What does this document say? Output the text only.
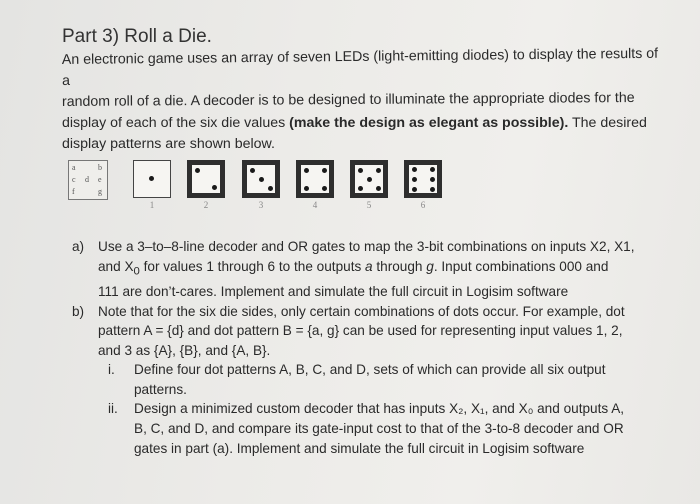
Part 3) Roll a Die.
An electronic game uses an array of seven LEDs (light-emitting diodes) to display the results of a
random roll of a die. A decoder is to be designed to illuminate the appropriate diodes for the
display of each of the six die values (make the design as elegant as possible). The desired
display patterns are shown below.
a	b
c d e
f	g
1	2	3	4	5	6
a) Use a 3–to–8-line decoder and OR gates to map the 3-bit combinations on inputs X2, X1,
and $X_0$ for values 1 through 6 to the outputs a through g. Input combinations 000 and
111 are don’t-cares. Implement and simulate the full circuit in Logisim software
b) Note that for the six die sides, only certain combinations of dots occur. For example, dot
pattern A = {d} and dot pattern B = {a, g} can be used for representing input values 1, 2,
and 3 as {A}, {B}, and {A, B}.
i. Define four dot patterns A, B, C, and D, sets of which can provide all six output
patterns.
ii. Design a minimized custom decoder that has inputs X₂, X₁, and X₀ and outputs A,
B, C, and D, and compare its gate-input cost to that of the 3-to-8 decoder and OR
gates in part (a). Implement and simulate the full circuit in Logisim software
